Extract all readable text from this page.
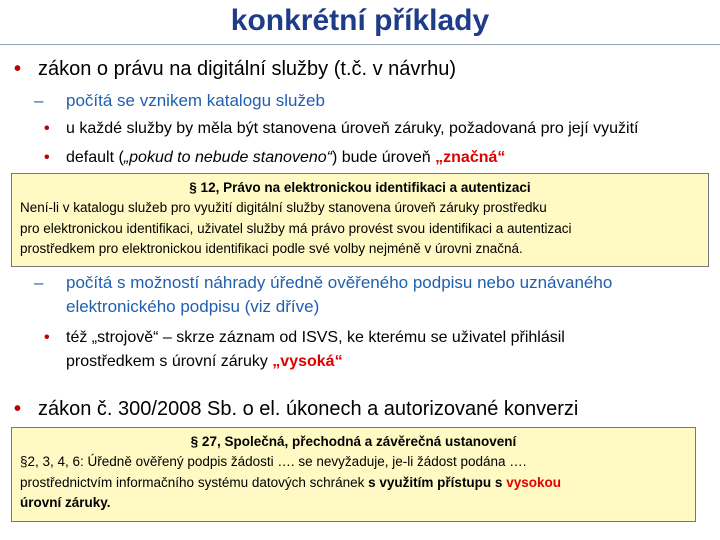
konkrétní příklady
• zákon o právu na digitální služby (t.č. v návrhu)
– počítá se vznikem katalogu služeb
• u každé služby by měla být stanovena úroveň záruky, požadovaná pro její využití
• default („pokud to nebude stanoveno“) bude úroveň „značná“
§ 12, Právo na elektronickou identifikaci a autentizaci
Není-li v katalogu služeb pro využití digitální služby stanovena úroveň záruky prostředku
pro elektronickou identifikaci, uživatel služby má právo provést svou identifikaci a autentizaci
prostředkem pro elektronickou identifikaci podle své volby nejméně v úrovni značná.
– počítá s možností náhrady úředně ověřeného podpisu nebo uznávaného
elektronického podpisu (viz dříve)
• též „strojově“ – skrze záznam od ISVS, ke kterému se uživatel přihlásil
prostředkem s úrovní záruky „vysoká“
• zákon č. 300/2008 Sb. o el. úkonech a autorizované konverzi
§ 27, Společná, přechodná a závěrečná ustanovení
§2, 3, 4, 6: Úředně ověřený podpis žádosti …. se nevyžaduje, je-li žádost podána ….
prostřednictvím informačního systému datových schránek s využitím přístupu s vysokou
úrovní záruky.
